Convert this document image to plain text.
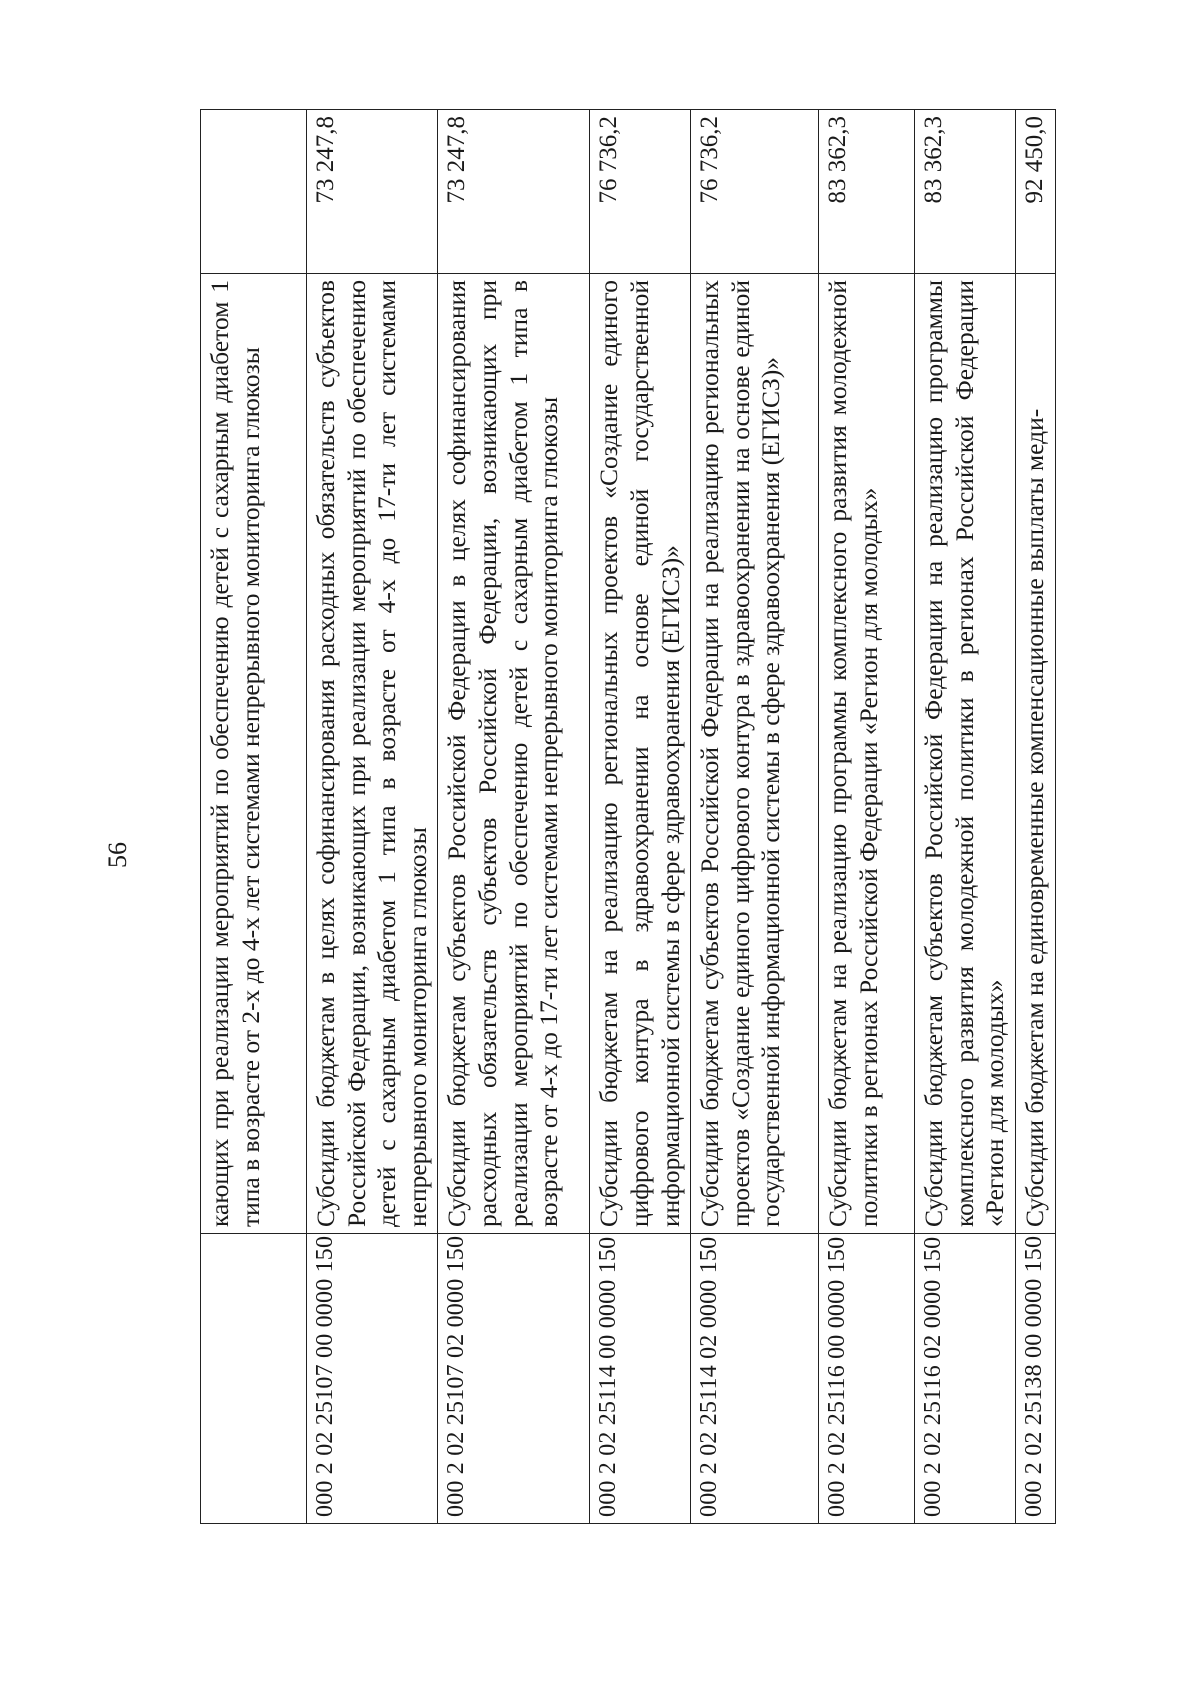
56
		кающих при реализации мероприятий по обеспечению детей с сахарным диабетом 1 типа в возрасте от 2-х до 4-х лет системами непрерывного мониторинга глюкозы	
000 2 02 25107 00 0000 150	Субсидии бюджетам в целях софинансирования расходных обязательств субъектов Российской Федерации, возникающих при реализации мероприятий по обеспечению детей с сахарным диабетом 1 типа в возрасте от 4-х до 17-ти лет системами непрерывного мониторинга глюкозы	73 247,8
000 2 02 25107 02 0000 150	Субсидии бюджетам субъектов Российской Федерации в целях софинансирования расходных обязательств субъектов Российской Федерации, возникающих при реализации мероприятий по обеспечению детей с сахарным диабетом 1 типа в возрасте от 4-х до 17-ти лет системами непрерывного мониторинга глюкозы	73 247,8
000 2 02 25114 00 0000 150	Субсидии бюджетам на реализацию региональных проектов «Создание единого цифрового контура в здравоохранении на основе единой государственной информационной системы в сфере здравоохранения (ЕГИСЗ)»	76 736,2
000 2 02 25114 02 0000 150	Субсидии бюджетам субъектов Российской Федерации на реализацию региональных проектов «Создание единого цифрового контура в здравоохранении на основе единой государственной информационной системы в сфере здравоохранения (ЕГИСЗ)»	76 736,2
000 2 02 25116 00 0000 150	Субсидии бюджетам на реализацию программы комплексного развития молодежной политики в регионах Российской Федерации «Регион для молодых»	83 362,3
000 2 02 25116 02 0000 150	Субсидии бюджетам субъектов Российской Федерации на реализацию программы комплексного развития молодежной политики в регионах Российской Федерации «Регион для молодых»	83 362,3
000 2 02 25138 00 0000 150	Субсидии бюджетам на единовременные компенсационные выплаты меди-	92 450,0
